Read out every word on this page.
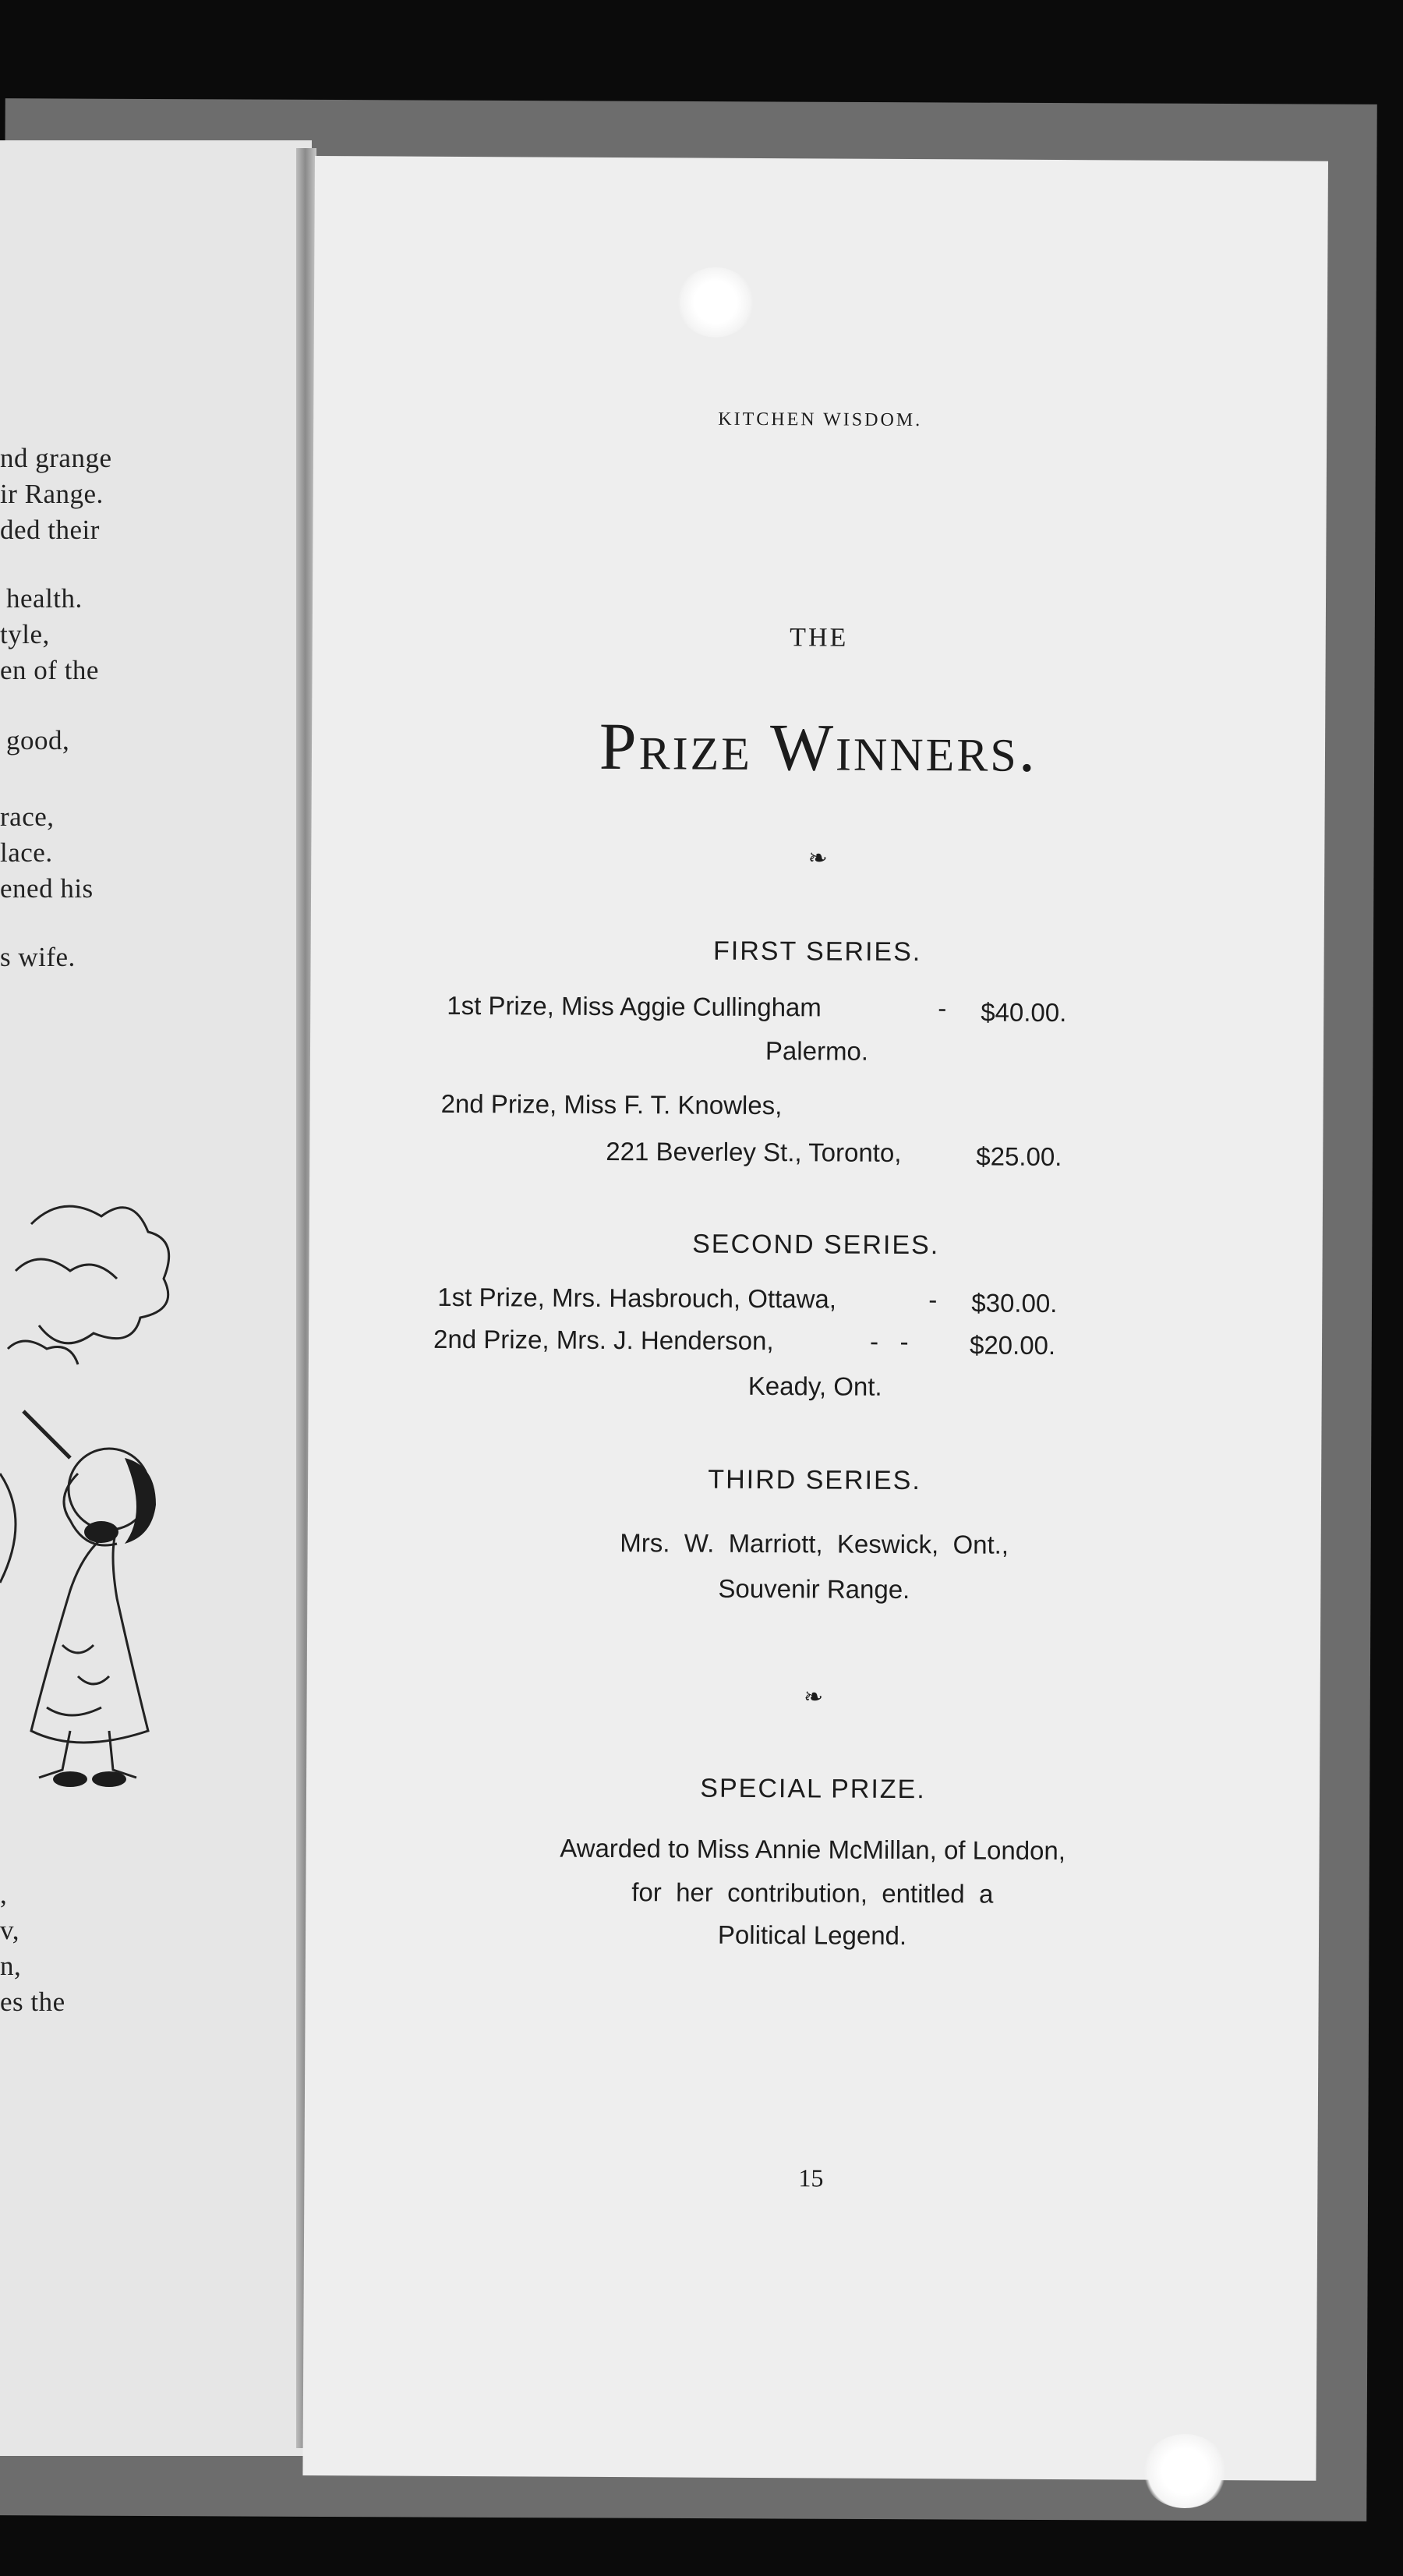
nd grange
ir Range.
ded their
health.
tyle,
en of the
good,
race,
lace.
ened his
s wife.
,
v,
n,
es the
KITCHEN WISDOM.
THE
Prize Winners.
❧
FIRST SERIES.
1st Prize, Miss Aggie Cullingham	- $40.00.
Palermo.
2nd Prize, Miss F. T. Knowles,
221 Beverley St., Toronto,	$25.00.
SECOND SERIES.
1st Prize, Mrs. Hasbrouch, Ottawa,	- $30.00.
2nd Prize, Mrs. J. Henderson,	-   - $20.00.
Keady, Ont.
THIRD SERIES.
Mrs.  W.  Marriott,  Keswick,  Ont.,
Souvenir Range.
❧
SPECIAL PRIZE.
Awarded to Miss Annie McMillan, of London,
for  her  contribution,  entitled  a
Political Legend.
15
